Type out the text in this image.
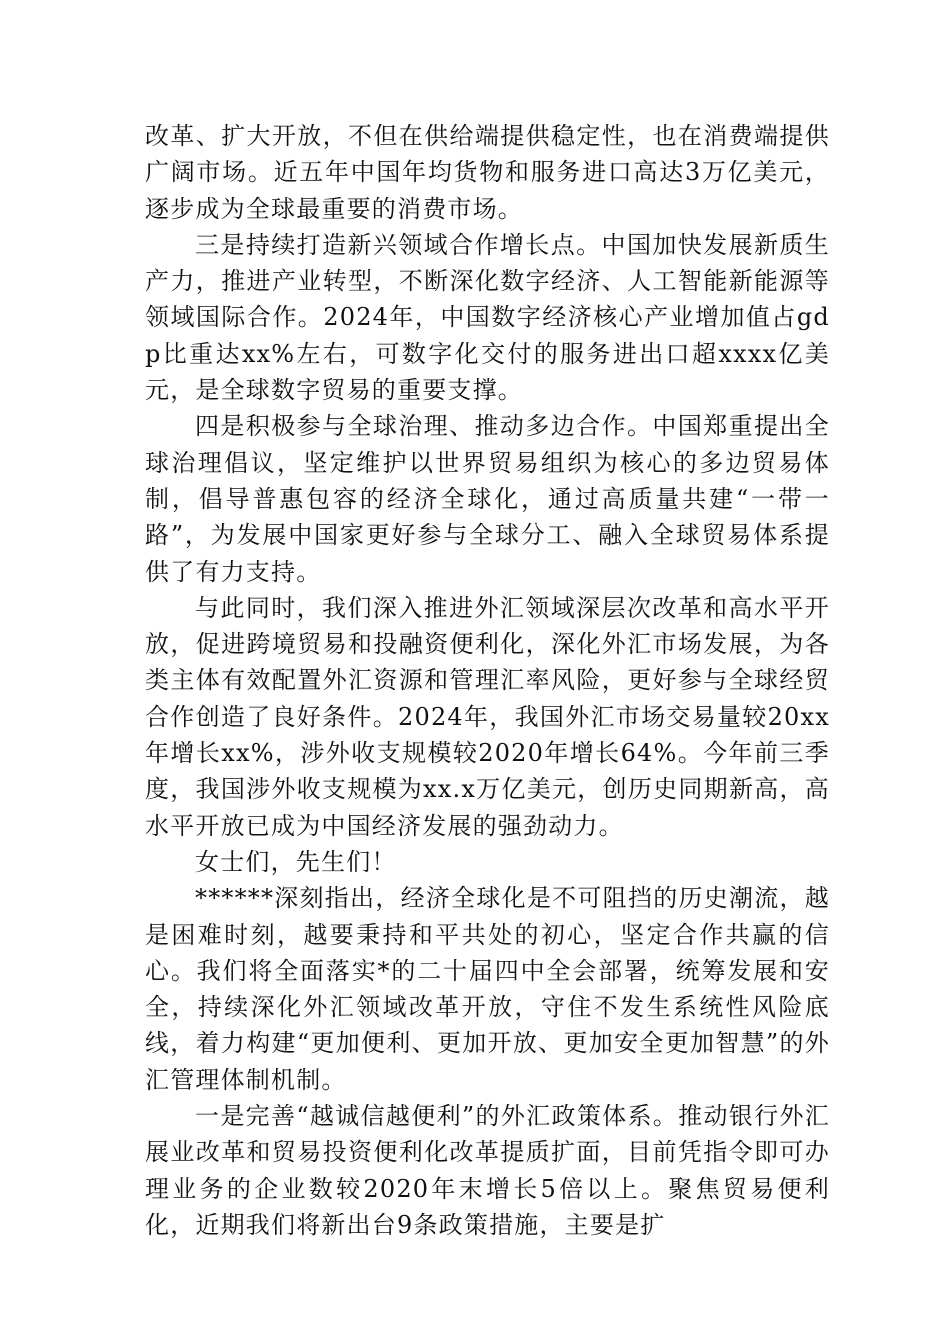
改革、扩大开放，不但在供给端提供稳定性，也在消费端提供广阔市场。近五年中国年均货物和服务进口高达3万亿美元，逐步成为全球最重要的消费市场。

三是持续打造新兴领域合作增长点。中国加快发展新质生产力，推进产业转型，不断深化数字经济、人工智能新能源等领域国际合作。2024年，中国数字经济核心产业增加值占gdp比重达xx%左右，可数字化交付的服务进出口超xxxx亿美元，是全球数字贸易的重要支撑。

四是积极参与全球治理、推动多边合作。中国郑重提出全球治理倡议，坚定维护以世界贸易组织为核心的多边贸易体制，倡导普惠包容的经济全球化，通过高质量共建“一带一路”，为发展中国家更好参与全球分工、融入全球贸易体系提供了有力支持。

与此同时，我们深入推进外汇领域深层次改革和高水平开放，促进跨境贸易和投融资便利化，深化外汇市场发展，为各类主体有效配置外汇资源和管理汇率风险，更好参与全球经贸合作创造了良好条件。2024年，我国外汇市场交易量较20xx年增长xx%，涉外收支规模较2020年增长64%。今年前三季度，我国涉外收支规模为xx.x万亿美元，创历史同期新高，高水平开放已成为中国经济发展的强劲动力。

女士们，先生们！

******深刻指出，经济全球化是不可阻挡的历史潮流，越是困难时刻，越要秉持和平共处的初心，坚定合作共赢的信心。我们将全面落实*的二十届四中全会部署，统筹发展和安全，持续深化外汇领域改革开放，守住不发生系统性风险底线，着力构建“更加便利、更加开放、更加安全更加智慧”的外汇管理体制机制。

一是完善“越诚信越便利”的外汇政策体系。推动银行外汇展业改革和贸易投资便利化改革提质扩面，目前凭指令即可办理业务的企业数较2020年末增长5倍以上。聚焦贸易便利化，近期我们将新出台9条政策措施，主要是扩
